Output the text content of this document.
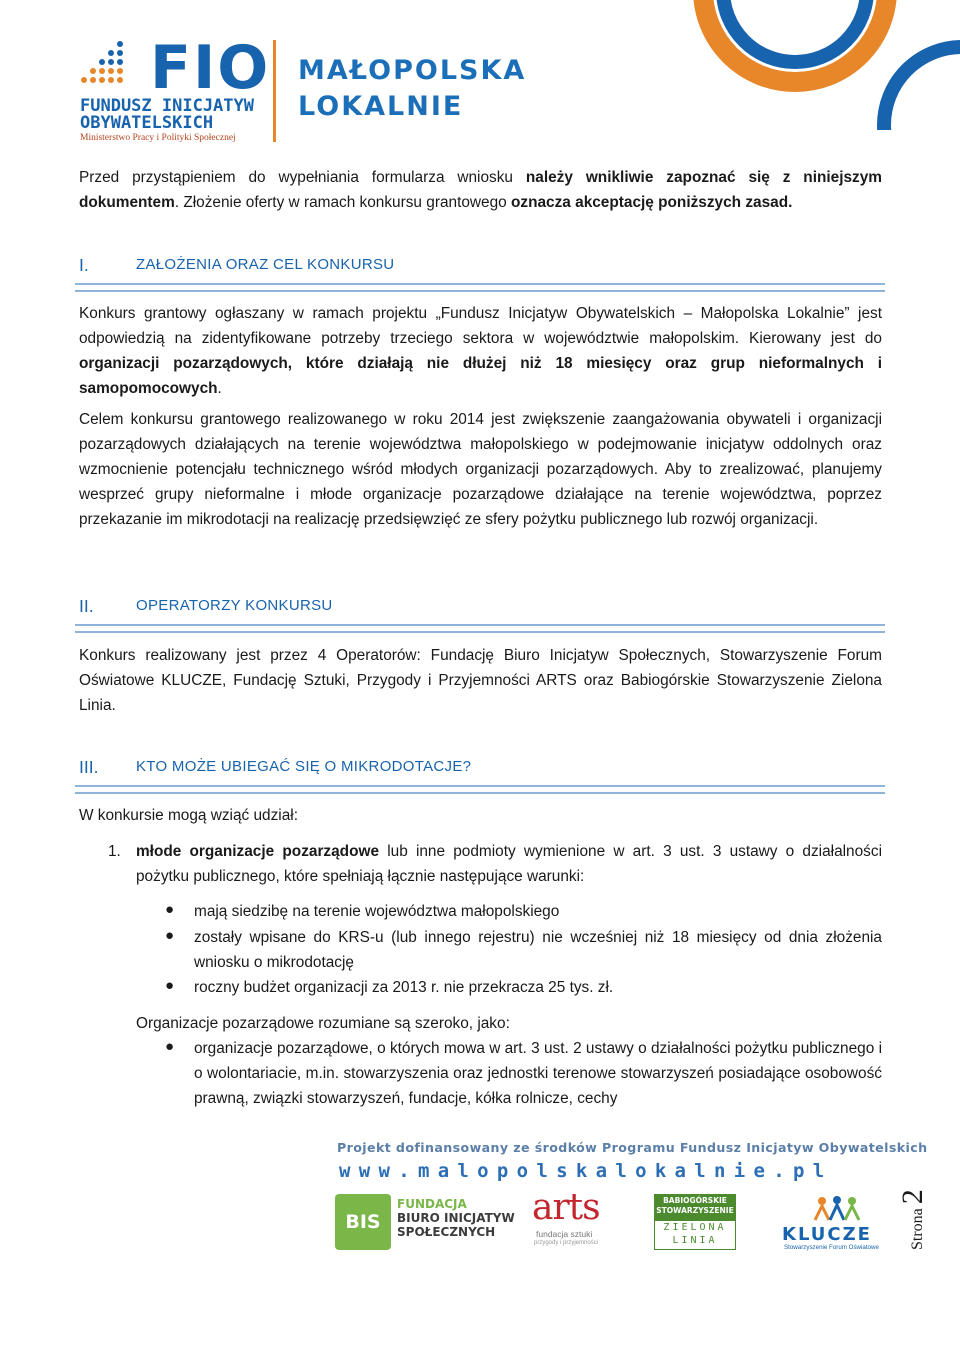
FIO
FUNDUSZ INICJATYW
OBYWATELSKICH
Ministerstwo Pracy i Polityki Społecznej
MAŁOPOLSKA
LOKALNIE
Przed przystąpieniem do wypełniania formularza wniosku należy wnikliwie zapoznać się z niniejszym dokumentem. Złożenie oferty w ramach konkursu grantowego oznacza akceptację poniższych zasad.
I.	ZAŁOŻENIA ORAZ CEL KONKURSU
Konkurs grantowy ogłaszany w ramach projektu „Fundusz Inicjatyw Obywatelskich – Małopolska Lokalnie” jest odpowiedzią na zidentyfikowane potrzeby trzeciego sektora w województwie małopolskim. Kierowany jest do organizacji pozarządowych, które działają nie dłużej niż 18 miesięcy oraz grup nieformalnych i samopomocowych.
Celem konkursu grantowego realizowanego w roku 2014 jest zwiększenie zaangażowania obywateli i organizacji pozarządowych działających na terenie województwa małopolskiego w podejmowanie inicjatyw oddolnych oraz wzmocnienie potencjału technicznego wśród młodych organizacji pozarządowych. Aby to zrealizować, planujemy wesprzeć grupy nieformalne i młode organizacje pozarządowe działające na terenie województwa, poprzez przekazanie im mikrodotacji na realizację przedsięwzięć ze sfery pożytku publicznego lub rozwój organizacji.
II.	OPERATORZY KONKURSU
Konkurs realizowany jest przez 4 Operatorów: Fundację Biuro Inicjatyw Społecznych, Stowarzyszenie Forum Oświatowe KLUCZE, Fundację Sztuki, Przygody i Przyjemności ARTS oraz Babiogórskie Stowarzyszenie Zielona Linia.
III.	KTO MOŻE UBIEGAĆ SIĘ O MIKRODOTACJE?
W konkursie mogą wziąć udział:
1. młode organizacje pozarządowe lub inne podmioty wymienione w art. 3 ust. 3 ustawy o działalności pożytku publicznego, które spełniają łącznie następujące warunki:
● mają siedzibę na terenie województwa małopolskiego
● zostały wpisane do KRS-u (lub innego rejestru) nie wcześniej niż 18 miesięcy od dnia złożenia wniosku o mikrodotację
● roczny budżet organizacji za 2013 r. nie przekracza 25 tys. zł.
Organizacje pozarządowe rozumiane są szeroko, jako:
● organizacje pozarządowe, o których mowa w art. 3 ust. 2 ustawy o działalności pożytku publicznego i o wolontariacie, m.in. stowarzyszenia oraz jednostki terenowe stowarzyszeń posiadające osobowość prawną, związki stowarzyszeń, fundacje, kółka rolnicze, cechy
Projekt dofinansowany ze środków Programu Fundusz Inicjatyw Obywatelskich
www.malopolskalokalnie.pl
BIS
FUNDACJA
BIURO INICJATYW
SPOŁECZNYCH
arts
fundacja sztuki
przygody i przyjemności
BABIOGÓRSKIE
STOWARZYSZENIE
ZIELONA
LINIA	KLUCZE
Stowarzyszenie Forum Oświatowe	Strona 2
